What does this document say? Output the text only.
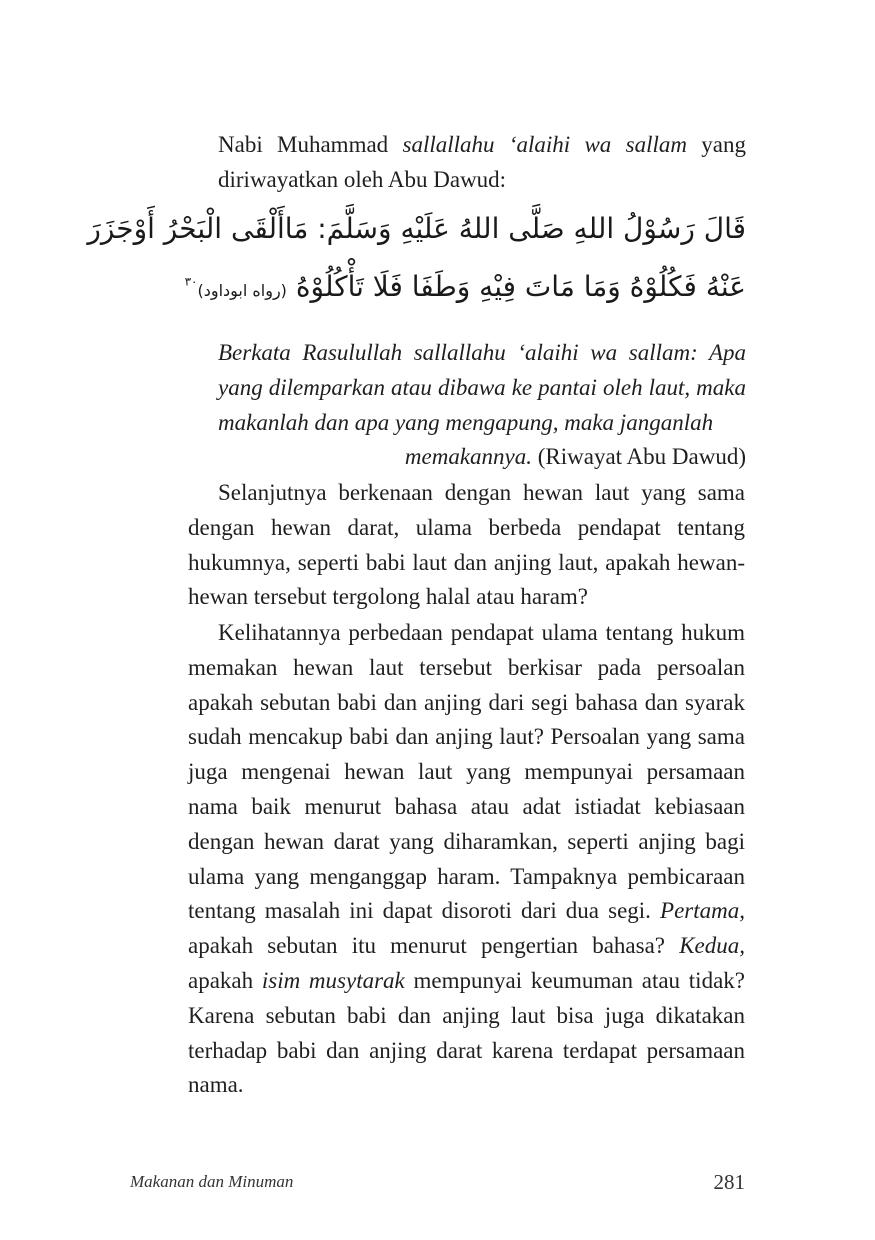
Nabi Muhammad sallallahu ‘alaihi wa sallam yang diriwayatkan oleh Abu Dawud:

قَالَ رَسُوْلُ اللهِ صَلَّى اللهُ عَلَيْهِ وَسَلَّمَ: مَاأَلْقَى الْبَحْرُ أَوْجَزَرَ
عَنْهُ فَكُلُوْهُ وَمَا مَاتَ فِيْهِ وَطَفَا فَلَا تَأْكُلُوْهُ (رواه ابوداود)$^{٣٠}$
Berkata Rasulullah sallallahu ‘alaihi wa sallam: Apa yang dilemparkan atau dibawa ke pantai oleh laut, maka makanlah dan apa yang mengapung, maka janganlah
memakannya. (Riwayat Abu Dawud)

Selanjutnya berkenaan dengan hewan laut yang sama dengan hewan darat, ulama berbeda pendapat tentang hukumnya, seperti babi laut dan anjing laut, apakah hewan-hewan tersebut tergolong halal atau haram?

Kelihatannya perbedaan pendapat ulama tentang hukum memakan hewan laut tersebut berkisar pada persoalan apakah sebutan babi dan anjing dari segi bahasa dan syarak sudah mencakup babi dan anjing laut? Persoalan yang sama juga mengenai hewan laut yang mempunyai persamaan nama baik menurut bahasa atau adat istiadat kebiasaan dengan hewan darat yang diharamkan, seperti anjing bagi ulama yang menganggap haram. Tampaknya pembicaraan tentang masalah ini dapat disoroti dari dua segi. Pertama, apakah sebutan itu menurut pengertian bahasa? Kedua, apakah isim musytarak mempunyai keumuman atau tidak? Karena sebutan babi dan anjing laut bisa juga dikatakan terhadap babi dan anjing darat karena terdapat persamaan nama.

Makanan dan Minuman	281
